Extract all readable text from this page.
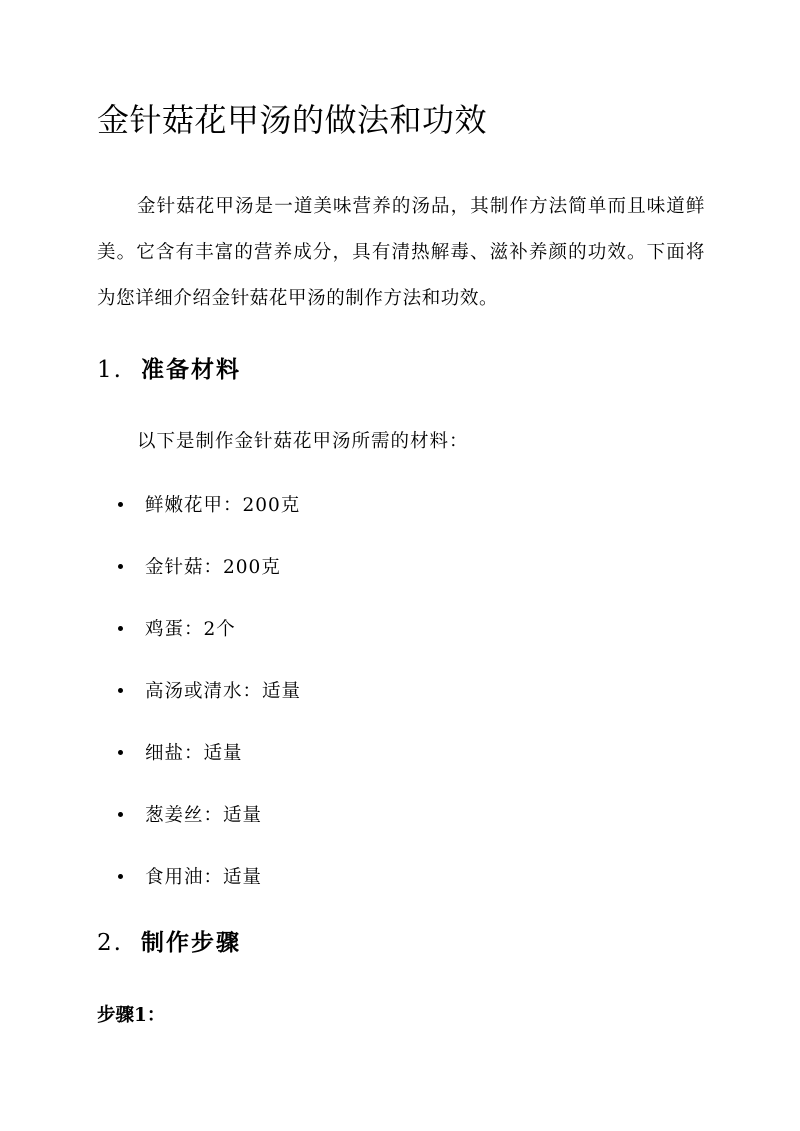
金针菇花甲汤的做法和功效

金针菇花甲汤是一道美味营养的汤品，其制作方法简单而且味道鲜美。它含有丰富的营养成分，具有清热解毒、滋补养颜的功效。下面将为您详细介绍金针菇花甲汤的制作方法和功效。

1. 准备材料

以下是制作金针菇花甲汤所需的材料：

鲜嫩花甲：200克
金针菇：200克
鸡蛋：2个
高汤或清水：适量
细盐：适量
葱姜丝：适量
食用油：适量
2. 制作步骤

步骤1：
